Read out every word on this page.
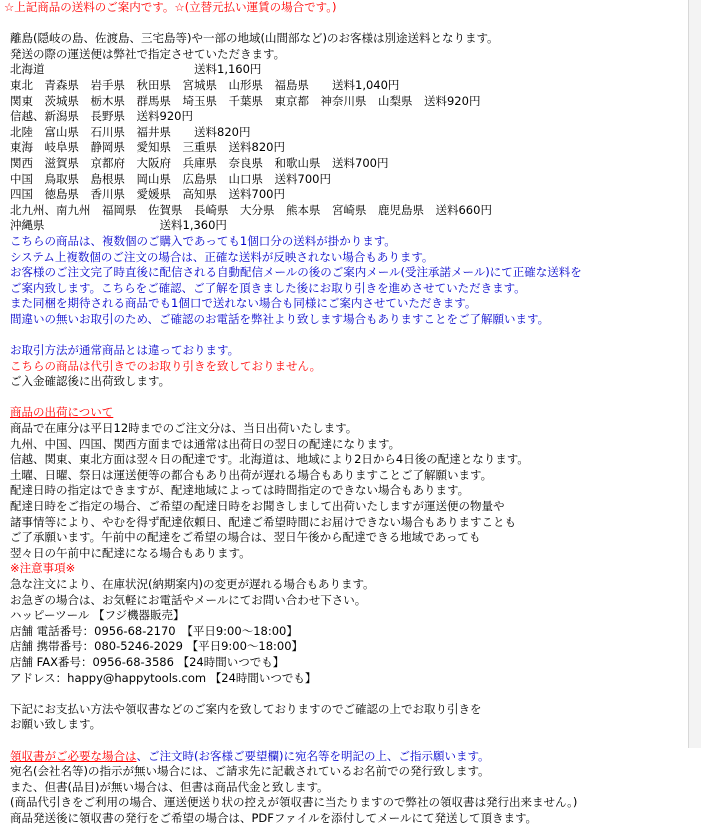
☆上記商品の送料のご案内です。☆(立替元払い運賃の場合です。)
離島(隠岐の島、佐渡島、三宅島等)や一部の地域(山間部など)のお客様は別途送料となります。
発送の際の運送便は弊社で指定させていただきます。
北海道　　　　　　　　　　　　　送料1,160円
東北　青森県　岩手県　秋田県　宮城県　山形県　福島県　　送料1,040円
関東　茨城県　栃木県　群馬県　埼玉県　千葉県　東京都　神奈川県　山梨県　送料920円
信越、新潟県　長野県　送料920円
北陸　富山県　石川県　福井県　　送料820円
東海　岐阜県　静岡県　愛知県　三重県　送料820円
関西　滋賀県　京都府　大阪府　兵庫県　奈良県　和歌山県　送料700円
中国　鳥取県　島根県　岡山県　広島県　山口県　送料700円
四国　徳島県　香川県　愛媛県　高知県　送料700円
北九州、南九州　福岡県　佐賀県　長崎県　大分県　熊本県　宮崎県　鹿児島県　送料660円
沖縄県　　　　　　　　　　送料1,360円
こちらの商品は、複数個のご購入であっても1個口分の送料が掛かります。
システム上複数個のご注文の場合は、正確な送料が反映されない場合もあります。
お客様のご注文完了時直後に配信される自動配信メールの後のご案内メール(受注承諾メール)にて正確な送料を
ご案内致します。こちらをご確認、ご了解を頂きました後にお取り引きを進めさせていただきます。
また同梱を期待される商品でも1個口で送れない場合も同様にご案内させていただきます。
間違いの無いお取引のため、ご確認のお電話を弊社より致します場合もありますことをご了解願います。
お取引方法が通常商品とは違っております。
こちらの商品は代引きでのお取り引きを致しておりません。
ご入金確認後に出荷致します。
商品の出荷について
商品で在庫分は平日12時までのご注文分は、当日出荷いたします。
九州、中国、四国、関西方面までは通常は出荷日の翌日の配達になります。
信越、関東、東北方面は翌々日の配達です。北海道は、地域により2日から4日後の配達となります。
土曜、日曜、祭日は運送便等の都合もあり出荷が遅れる場合もありますことご了解願います。
配達日時の指定はできますが、配達地域によっては時間指定のできない場合もあります。
配達日時をご指定の場合、ご希望の配達日時をお聞きしまして出荷いたしますが運送便の物量や
諸事情等により、やむを得ず配達依頼日、配達ご希望時間にお届けできない場合もありますことも
ご了承願います。午前中の配達をご希望の場合は、翌日午後から配達できる地域であっても
翌々日の午前中に配達になる場合もあります。
※注意事項※
急な注文により、在庫状況(納期案内)の変更が遅れる場合もあります。
お急ぎの場合は、お気軽にお電話やメールにてお問い合わせ下さい。
ハッピーツール 【フジ機器販売】
店舗 電話番号：0956-68-2170　【平日9:00～18:00】
店舗 携帯番号：080-5246-2029 【平日9:00～18:00】
店舗 FAX番号：0956-68-3586 【24時間いつでも】
アドレス：happy@happytools.com 【24時間いつでも】
下記にお支払い方法や領収書などのご案内を致しておりますのでご確認の上でお取り引きを
お願い致します。
領収書がご必要な場合は、ご注文時(お客様ご要望欄)に宛名等を明記の上、ご指示願います。
宛名(会社名等)の指示が無い場合には、ご請求先に記載されているお名前での発行致します。
また、但書(品目)が無い場合は、但書は商品代金と致します。
(商品代引きをご利用の場合、運送便送り状の控えが領収書に当たりますので弊社の領収書は発行出来ません。)
商品発送後に領収書の発行をご希望の場合は、PDFファイルを添付してメールにて発送して頂きます。
